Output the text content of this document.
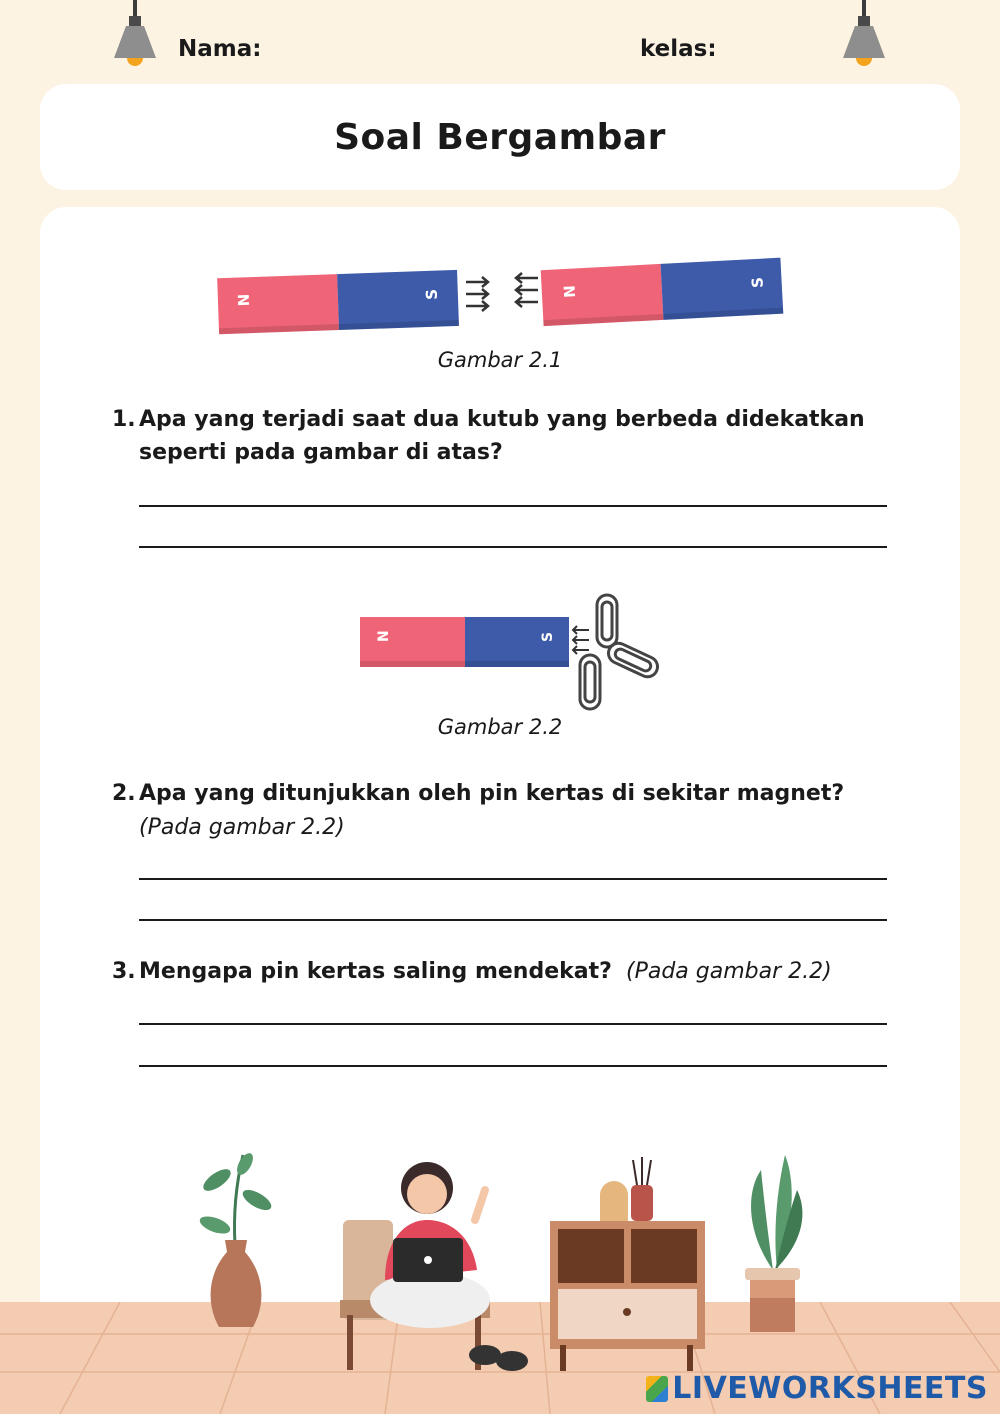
Nama:	kelas:
Soal Bergambar
N	S	N
S
Gambar 2.1
1. Apa yang terjadi saat dua kutub yang berbeda didekatkan
seperti pada gambar di atas?
N	S
Gambar 2.2
2. Apa yang ditunjukkan oleh pin kertas di sekitar magnet?
(Pada gambar 2.2)
3. Mengapa pin kertas saling mendekat? (Pada gambar 2.2)
LIVEWORKSHEETS
